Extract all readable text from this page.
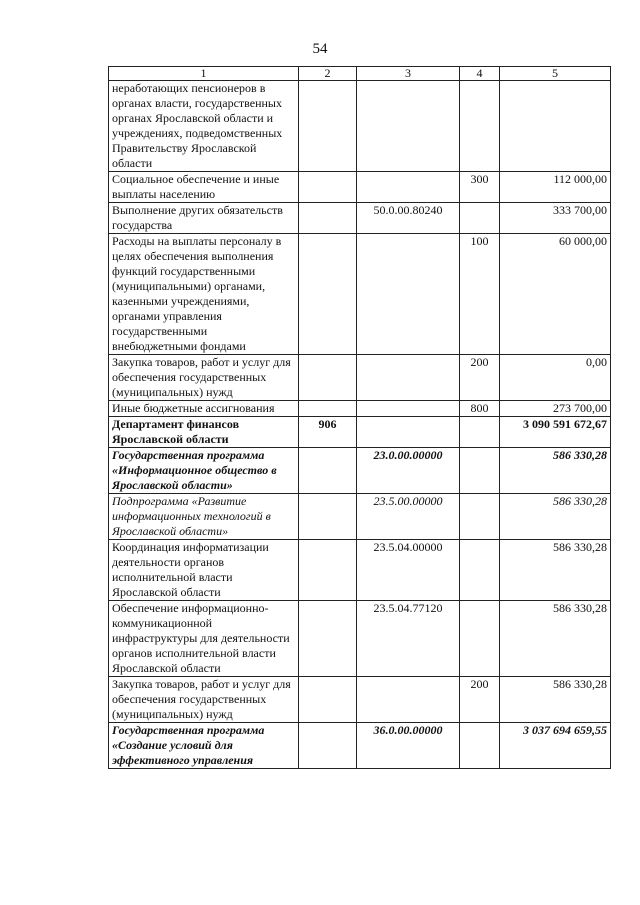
54
1	2	3	4	5
неработающих пенсионеров в органах власти, государственных органах Ярославской области и учреждениях, подведомственных Правительству Ярославской области				
Социальное обеспечение и иные выплаты населению			300	112 000,00
Выполнение других обязательств государства		50.0.00.80240		333 700,00
Расходы на выплаты персоналу в целях обеспечения выполнения функций государственными (муниципальными) органами, казенными учреждениями, органами управления государственными внебюджетными фондами			100	60 000,00
Закупка товаров, работ и услуг для обеспечения государственных (муниципальных) нужд			200	0,00
Иные бюджетные ассигнования			800	273 700,00
Департамент финансов Ярославской области	906			3 090 591 672,67
Государственная программа «Информационное общество в Ярославской области»		23.0.00.00000		586 330,28
Подпрограмма «Развитие информационных технологий в Ярославской области»		23.5.00.00000		586 330,28
Координация информатизации деятельности органов исполнительной власти Ярославской области		23.5.04.00000		586 330,28
Обеспечение информационно-коммуникационной инфраструктуры для деятельности органов исполнительной власти Ярославской области		23.5.04.77120		586 330,28
Закупка товаров, работ и услуг для обеспечения государственных (муниципальных) нужд			200	586 330,28
Государственная программа «Создание условий для эффективного управления		36.0.00.00000		3 037 694 659,55
